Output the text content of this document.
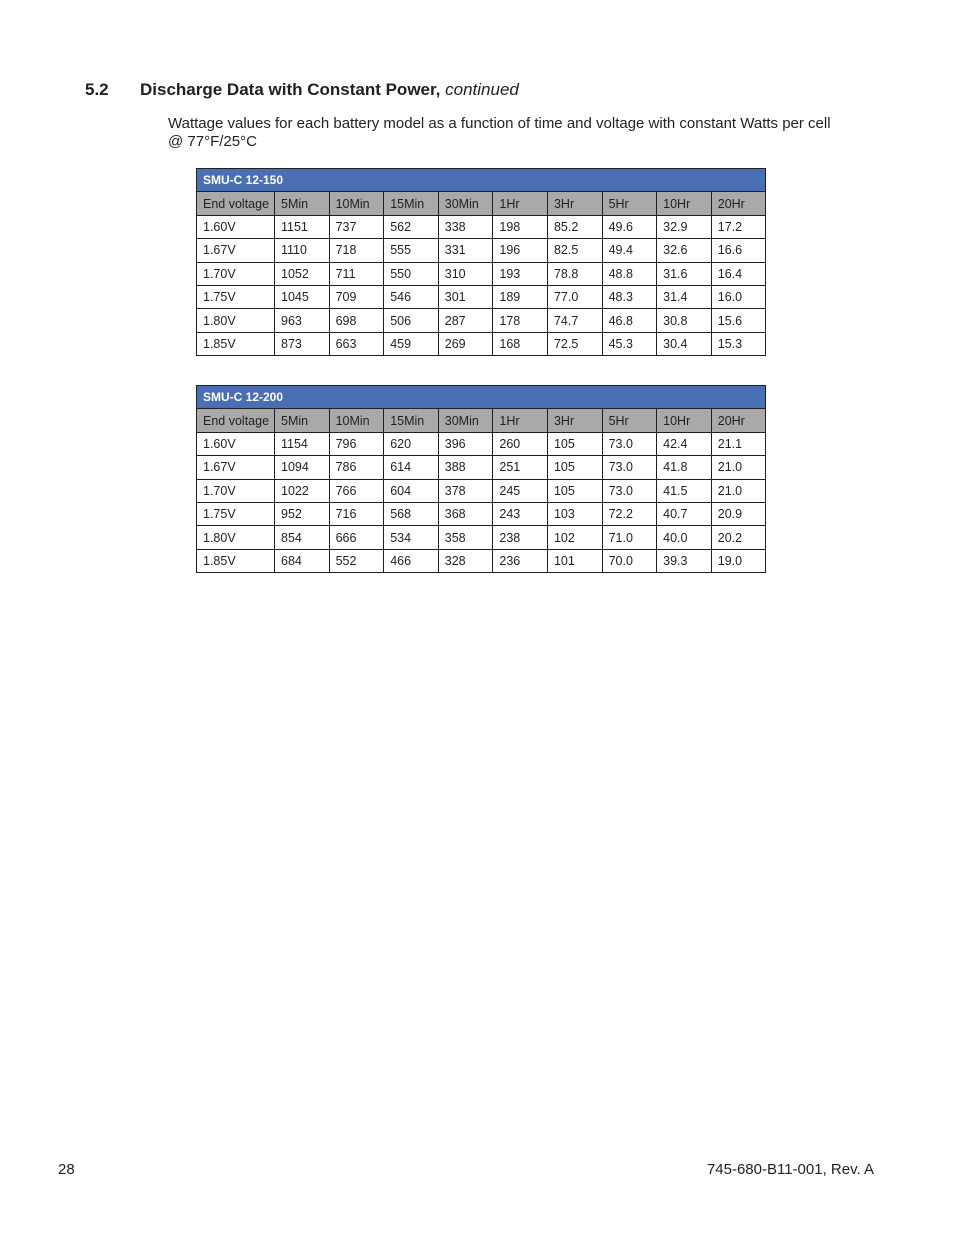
5.2 Discharge Data with Constant Power, continued
Wattage values for each battery model as a function of time and voltage with constant Watts per cell @ 77°F/25°C
SMU-C 12-150									
End voltage	5Min	10Min	15Min	30Min	1Hr	3Hr	5Hr	10Hr	20Hr
1.60V	1151	737	562	338	198	85.2	49.6	32.9	17.2
1.67V	1110	718	555	331	196	82.5	49.4	32.6	16.6
1.70V	1052	711	550	310	193	78.8	48.8	31.6	16.4
1.75V	1045	709	546	301	189	77.0	48.3	31.4	16.0
1.80V	963	698	506	287	178	74.7	46.8	30.8	15.6
1.85V	873	663	459	269	168	72.5	45.3	30.4	15.3
SMU-C 12-200									
End voltage	5Min	10Min	15Min	30Min	1Hr	3Hr	5Hr	10Hr	20Hr
1.60V	1154	796	620	396	260	105	73.0	42.4	21.1
1.67V	1094	786	614	388	251	105	73.0	41.8	21.0
1.70V	1022	766	604	378	245	105	73.0	41.5	21.0
1.75V	952	716	568	368	243	103	72.2	40.7	20.9
1.80V	854	666	534	358	238	102	71.0	40.0	20.2
1.85V	684	552	466	328	236	101	70.0	39.3	19.0
28	745-680-B11-001, Rev. A
